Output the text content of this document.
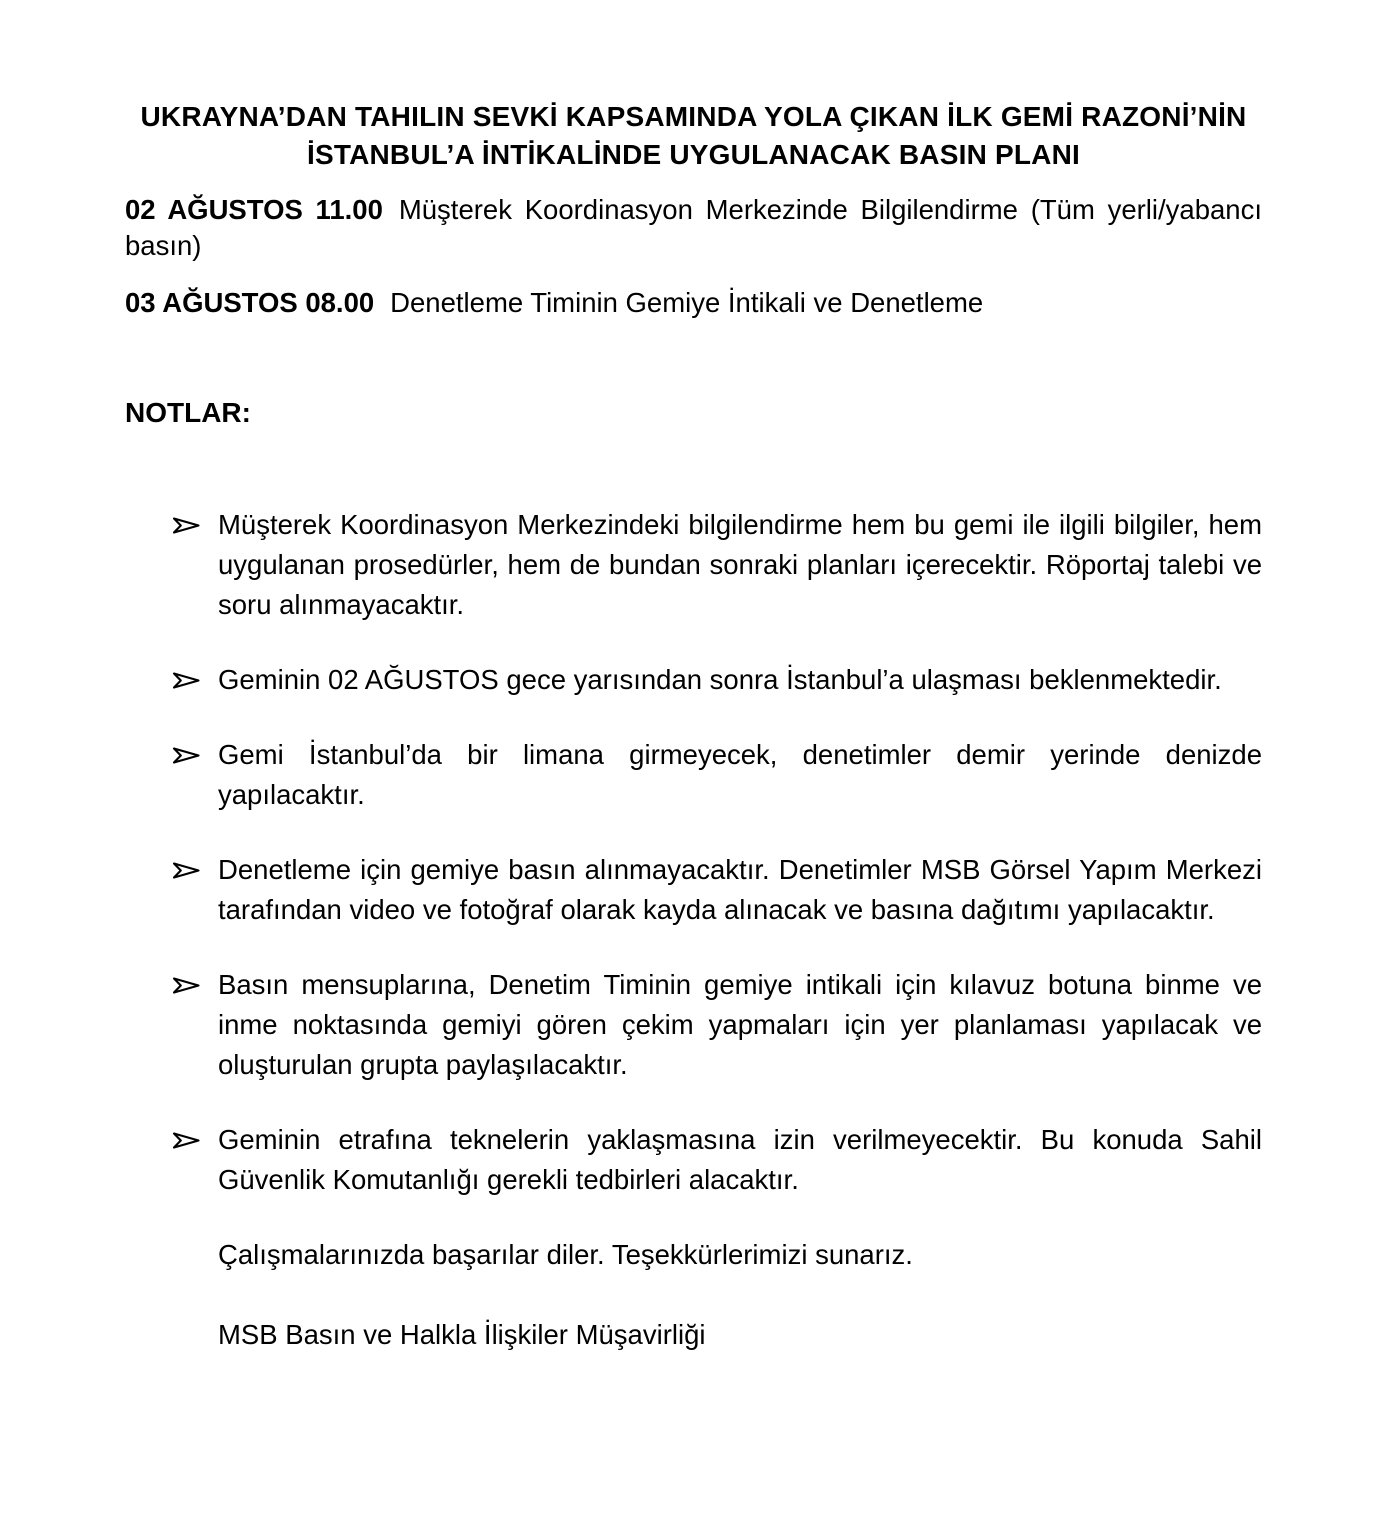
UKRAYNA’DAN TAHILIN SEVKİ KAPSAMINDA YOLA ÇIKAN İLK GEMİ RAZONİ’NİN
İSTANBUL’A İNTİKALİNDE UYGULANACAK BASIN PLANI

02 AĞUSTOS 11.00 Müşterek Koordinasyon Merkezinde Bilgilendirme (Tüm yerli/yabancı basın)

03 AĞUSTOS 08.00 Denetleme Timinin Gemiye İntikali ve Denetleme

NOTLAR:
Müşterek Koordinasyon Merkezindeki bilgilendirme hem bu gemi ile ilgili bilgiler, hem uygulanan prosedürler, hem de bundan sonraki planları içerecektir. Röportaj talebi ve soru alınmayacaktır.
Geminin 02 AĞUSTOS gece yarısından sonra İstanbul’a ulaşması beklenmektedir.
Gemi İstanbul’da bir limana girmeyecek, denetimler demir yerinde denizde yapılacaktır.
Denetleme için gemiye basın alınmayacaktır. Denetimler MSB Görsel Yapım Merkezi tarafından video ve fotoğraf olarak kayda alınacak ve basına dağıtımı yapılacaktır.
Basın mensuplarına, Denetim Timinin gemiye intikali için kılavuz botuna binme ve inme noktasında gemiyi gören çekim yapmaları için yer planlaması yapılacak ve oluşturulan grupta paylaşılacaktır.
Geminin etrafına teknelerin yaklaşmasına izin verilmeyecektir. Bu konuda Sahil Güvenlik Komutanlığı gerekli tedbirleri alacaktır.

Çalışmalarınızda başarılar diler. Teşekkürlerimizi sunarız.

MSB Basın ve Halkla İlişkiler Müşavirliği
